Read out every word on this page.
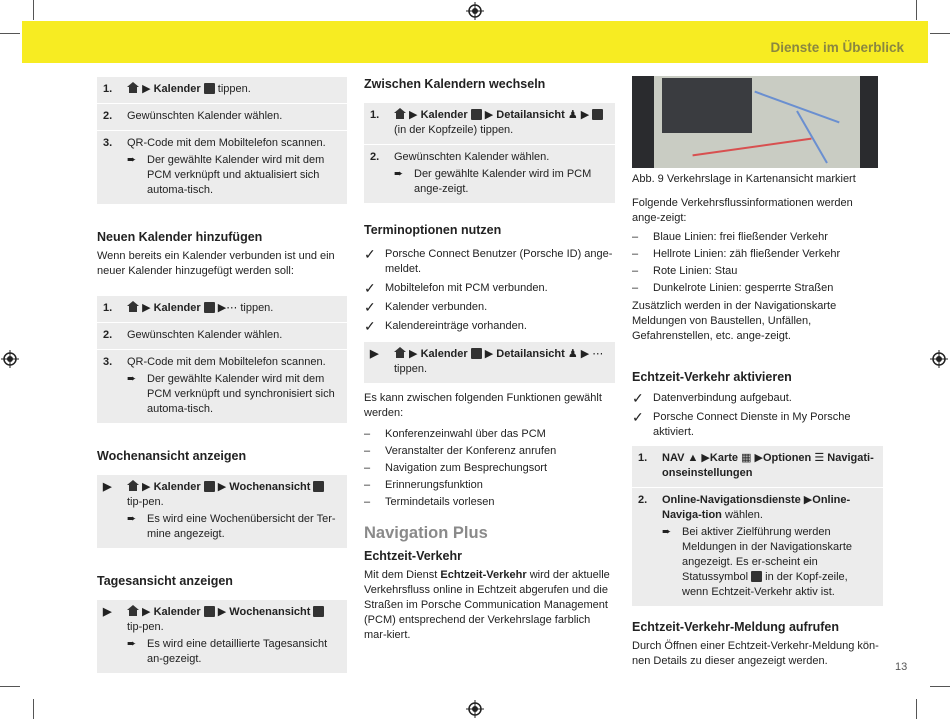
Dienste im Überblick
1.	▶ Kalender tippen.
2.	Gewünschten Kalender wählen.
3.	QR-Code mit dem Mobiltelefon scannen.
➨ Der gewählte Kalender wird mit dem PCM verknüpft und aktualisiert sich automa-tisch.
Neuen Kalender hinzufügen

Wenn bereits ein Kalender verbunden ist und ein neuer Kalender hinzugefügt werden soll:

1.	▶ Kalender ▶⋯ tippen.
2.	Gewünschten Kalender wählen.
3.	QR-Code mit dem Mobiltelefon scannen.
➨ Der gewählte Kalender wird mit dem PCM verknüpft und synchronisiert sich automa-tisch.
Wochenansicht anzeigen
▶	▶ Kalender  ▶ Wochenansicht  tip-pen.
➨ Es wird eine Wochenübersicht der Ter-mine angezeigt.
Tagesansicht anzeigen
▶	▶ Kalender  ▶ Wochenansicht  tip-pen.
➨ Es wird eine detaillierte Tagesansicht an-gezeigt.
Zwischen Kalendern wechseln
1.	▶ Kalender  ▶ Detailansicht ♟ ▶
(in der Kopfzeile) tippen.
2.	Gewünschten Kalender wählen.
➨ Der gewählte Kalender wird im PCM ange-zeigt.
Terminoptionen nutzen
✓ Porsche Connect Benutzer (Porsche ID) ange-meldet.
✓ Mobiltelefon mit PCM verbunden.
✓ Kalender verbunden.
✓ Kalendereinträge vorhanden.
▶	▶ Kalender  ▶ Detailansicht ♟ ▶ ⋯
tippen.

Es kann zwischen folgenden Funktionen gewählt werden:

–	Konferenzeinwahl über das PCM
–	Veranstalter der Konferenz anrufen
–	Navigation zum Besprechungsort
–	Erinnerungsfunktion
–	Termindetails vorlesen
Navigation Plus
Echtzeit-Verkehr

Mit dem Dienst Echtzeit-Verkehr wird der aktuelle Verkehrsfluss online in Echtzeit abgerufen und die Straßen im Porsche Communication Management (PCM) entsprechend der Verkehrslage farblich mar-kiert.

Abb. 9 Verkehrslage in Kartenansicht markiert

Folgende Verkehrsflussinformationen werden ange-zeigt:

–	Blaue Linien: frei fließender Verkehr
–	Hellrote Linien: zäh fließender Verkehr
–	Rote Linien: Stau
–	Dunkelrote Linien: gesperrte Straßen

Zusätzlich werden in der Navigationskarte Meldungen von Baustellen, Unfällen, Gefahrenstellen, etc. ange-zeigt.

Echtzeit-Verkehr aktivieren
✓ Datenverbindung aufgebaut.
✓ Porsche Connect Dienste in My Porsche aktiviert.
1.	NAV ▲ ▶Karte ▦ ▶Optionen ☰ Navigati-onseinstellungen
2.	Online-Navigationsdienste ▶Online-Naviga-tion wählen.
➨ Bei aktiver Zielführung werden Meldungen in der Navigationskarte angezeigt. Es er-scheint ein Statussymbol in der Kopf-zeile, wenn Echtzeit-Verkehr aktiv ist.
Echtzeit-Verkehr-Meldung aufrufen

Durch Öffnen einer Echtzeit-Verkehr-Meldung kön-nen Details zu dieser angezeigt werden.	13
